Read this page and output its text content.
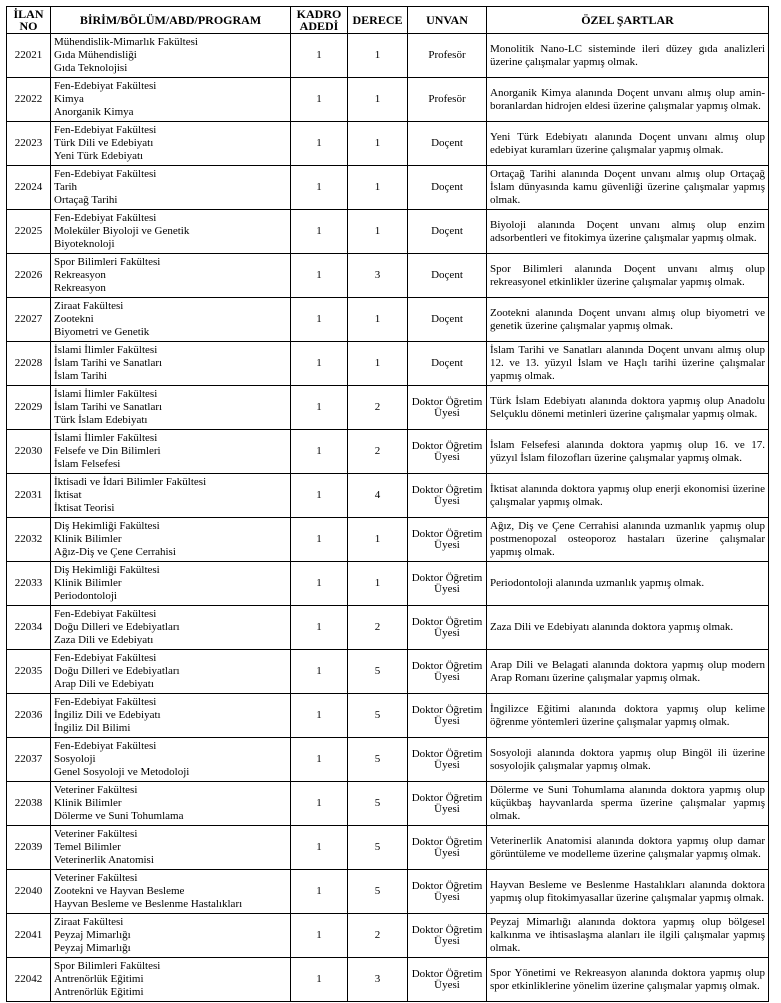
İLAN NO	BİRİM/BÖLÜM/ABD/PROGRAM	KADRO ADEDİ	DERECE	UNVAN	ÖZEL ŞARTLAR
22021	Mühendislik-Mimarlık Fakültesi
Gıda Mühendisliği
Gıda Teknolojisi	1	1	Profesör	Monolitik Nano-LC sisteminde ileri düzey gıda analizleri üzerine çalışmalar yapmış olmak.
22022	Fen-Edebiyat Fakültesi
Kimya
Anorganik Kimya	1	1	Profesör	Anorganik Kimya alanında Doçent unvanı almış olup amin-boranlardan hidrojen eldesi üzerine çalışmalar yapmış olmak.
22023	Fen-Edebiyat Fakültesi
Türk Dili ve Edebiyatı
Yeni Türk Edebiyatı	1	1	Doçent	Yeni Türk Edebiyatı alanında Doçent unvanı almış olup edebiyat kuramları üzerine çalışmalar yapmış olmak.
22024	Fen-Edebiyat Fakültesi
Tarih
Ortaçağ Tarihi	1	1	Doçent	Ortaçağ Tarihi alanında Doçent unvanı almış olup Ortaçağ İslam dünyasında kamu güvenliği üzerine çalışmalar yapmış olmak.
22025	Fen-Edebiyat Fakültesi
Moleküler Biyoloji ve Genetik
Biyoteknoloji	1	1	Doçent	Biyoloji alanında Doçent unvanı almış olup enzim adsorbentleri ve fitokimya üzerine çalışmalar yapmış olmak.
22026	Spor Bilimleri Fakültesi
Rekreasyon
Rekreasyon	1	3	Doçent	Spor Bilimleri alanında Doçent unvanı almış olup rekreasyonel etkinlikler üzerine çalışmalar yapmış olmak.
22027	Ziraat Fakültesi
Zootekni
Biyometri ve Genetik	1	1	Doçent	Zootekni alanında Doçent unvanı almış olup biyometri ve genetik üzerine çalışmalar yapmış olmak.
22028	İslami İlimler Fakültesi
İslam Tarihi ve Sanatları
İslam Tarihi	1	1	Doçent	İslam Tarihi ve Sanatları alanında Doçent unvanı almış olup 12. ve 13. yüzyıl İslam ve Haçlı tarihi üzerine çalışmalar yapmış olmak.
22029	İslami İlimler Fakültesi
İslam Tarihi ve Sanatları
Türk İslam Edebiyatı	1	2	Doktor Öğretim Üyesi	Türk İslam Edebiyatı alanında doktora yapmış olup Anadolu Selçuklu dönemi metinleri üzerine çalışmalar yapmış olmak.
22030	İslami İlimler Fakültesi
Felsefe ve Din Bilimleri
İslam Felsefesi	1	2	Doktor Öğretim Üyesi	İslam Felsefesi alanında doktora yapmış olup 16. ve 17. yüzyıl İslam filozofları üzerine çalışmalar yapmış olmak.
22031	İktisadi ve İdari Bilimler Fakültesi
İktisat
İktisat Teorisi	1	4	Doktor Öğretim Üyesi	İktisat alanında doktora yapmış olup enerji ekonomisi üzerine çalışmalar yapmış olmak.
22032	Diş Hekimliği Fakültesi
Klinik Bilimler
Ağız-Diş ve Çene Cerrahisi	1	1	Doktor Öğretim Üyesi	Ağız, Diş ve Çene Cerrahisi alanında uzmanlık yapmış olup postmenopozal osteoporoz hastaları üzerine çalışmalar yapmış olmak.
22033	Diş Hekimliği Fakültesi
Klinik Bilimler
Periodontoloji	1	1	Doktor Öğretim Üyesi	Periodontoloji alanında uzmanlık yapmış olmak.
22034	Fen-Edebiyat Fakültesi
Doğu Dilleri ve Edebiyatları
Zaza Dili ve Edebiyatı	1	2	Doktor Öğretim Üyesi	Zaza Dili ve Edebiyatı alanında doktora yapmış olmak.
22035	Fen-Edebiyat Fakültesi
Doğu Dilleri ve Edebiyatları
Arap Dili ve Edebiyatı	1	5	Doktor Öğretim Üyesi	Arap Dili ve Belagati alanında doktora yapmış olup modern Arap Romanı üzerine çalışmalar yapmış olmak.
22036	Fen-Edebiyat Fakültesi
İngiliz Dili ve Edebiyatı
İngiliz Dil Bilimi	1	5	Doktor Öğretim Üyesi	İngilizce Eğitimi alanında doktora yapmış olup kelime öğrenme yöntemleri üzerine çalışmalar yapmış olmak.
22037	Fen-Edebiyat Fakültesi
Sosyoloji
Genel Sosyoloji ve Metodoloji	1	5	Doktor Öğretim Üyesi	Sosyoloji alanında doktora yapmış olup Bingöl ili üzerine sosyolojik çalışmalar yapmış olmak.
22038	Veteriner Fakültesi
Klinik Bilimler
Dölerme ve Suni Tohumlama	1	5	Doktor Öğretim Üyesi	Dölerme ve Suni Tohumlama alanında doktora yapmış olup küçükbaş hayvanlarda sperma üzerine çalışmalar yapmış olmak.
22039	Veteriner Fakültesi
Temel Bilimler
Veterinerlik Anatomisi	1	5	Doktor Öğretim Üyesi	Veterinerlik Anatomisi alanında doktora yapmış olup damar görüntüleme ve modelleme üzerine çalışmalar yapmış olmak.
22040	Veteriner Fakültesi
Zootekni ve Hayvan Besleme
Hayvan Besleme ve Beslenme Hastalıkları	1	5	Doktor Öğretim Üyesi	Hayvan Besleme ve Beslenme Hastalıkları alanında doktora yapmış olup fitokimyasallar üzerine çalışmalar yapmış olmak.
22041	Ziraat Fakültesi
Peyzaj Mimarlığı
Peyzaj Mimarlığı	1	2	Doktor Öğretim Üyesi	Peyzaj Mimarlığı alanında doktora yapmış olup bölgesel kalkınma ve ihtisaslaşma alanları ile ilgili çalışmalar yapmış olmak.
22042	Spor Bilimleri Fakültesi
Antrenörlük Eğitimi
Antrenörlük Eğitimi	1	3	Doktor Öğretim Üyesi	Spor Yönetimi ve Rekreasyon alanında doktora yapmış olup spor etkinliklerine yönelim üzerine çalışmalar yapmış olmak.
